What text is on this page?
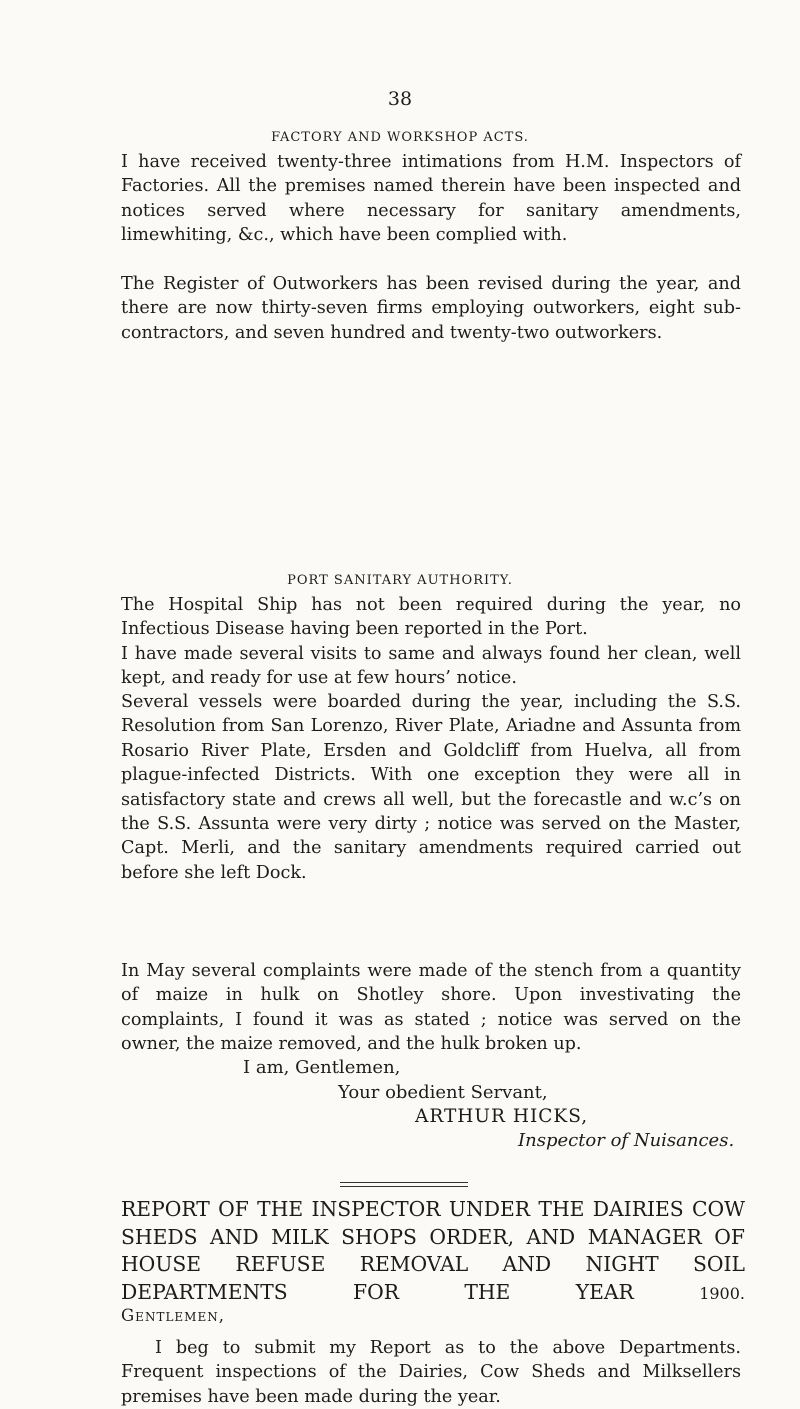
38
FACTORY AND WORKSHOP ACTS.

I have received twenty-three intimations from H.M. Inspectors of Factories. All the premises named therein have been inspected and notices served where necessary for sanitary amendments, limewhiting, &c., which have been complied with.

The Register of Outworkers has been revised during the year, and there are now thirty-seven firms employing outworkers, eight sub-contractors, and seven hundred and twenty-two outworkers.

PORT SANITARY AUTHORITY.

The Hospital Ship has not been required during the year, no Infectious Disease having been reported in the Port.

I have made several visits to same and always found her clean, well kept, and ready for use at few hours’ notice.

Several vessels were boarded during the year, including the S.S. Resolution from San Lorenzo, River Plate, Ariadne and Assunta from Rosario River Plate, Ersden and Goldcliff from Huelva, all from plague-infected Districts. With one exception they were all in satisfactory state and crews all well, but the forecastle and w.c’s on the S.S. Assunta were very dirty ; notice was served on the Master, Capt. Merli, and the sanitary amendments required carried out before she left Dock.

In May several complaints were made of the stench from a quantity of maize in hulk on Shotley shore. Upon investivating the complaints, I found it was as stated ; notice was served on the owner, the maize removed, and the hulk broken up.

I am, Gentlemen,
Your obedient Servant,
ARTHUR HICKS,
Inspector of Nuisances.
REPORT OF THE INSPECTOR UNDER THE DAIRIES COW SHEDS AND MILK SHOPS ORDER, AND MANAGER OF HOUSE REFUSE REMOVAL AND NIGHT SOIL DEPARTMENTS FOR THE YEAR	1900.
Gentlemen,

I beg to submit my Report as to the above Departments. Frequent inspections of the Dairies, Cow Sheds and Milksellers premises have been made during the year.
